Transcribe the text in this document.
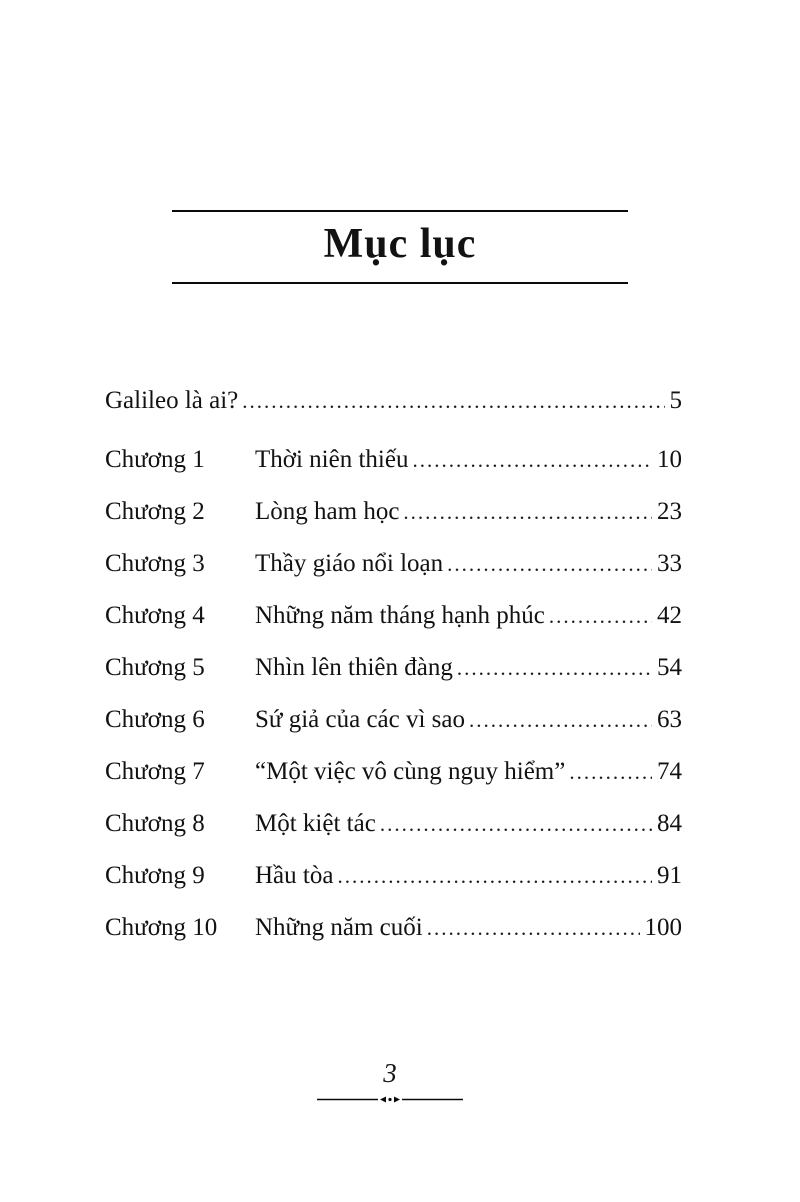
Mục lục
Galileo là ai? .....	5
Chương 1	Thời niên thiếu .....	10
Chương 2	Lòng ham học .....	23
Chương 3	Thầy giáo nổi loạn .....	33
Chương 4	Những năm tháng hạnh phúc .....	42
Chương 5	Nhìn lên thiên đàng .....	54
Chương 6	Sứ giả của các vì sao .....	63
Chương 7	“Một việc vô cùng nguy hiểm” .....	74
Chương 8	Một kiệt tác .....	84
Chương 9	Hầu tòa .....	91
Chương 10	Những năm cuối .....	100
3
